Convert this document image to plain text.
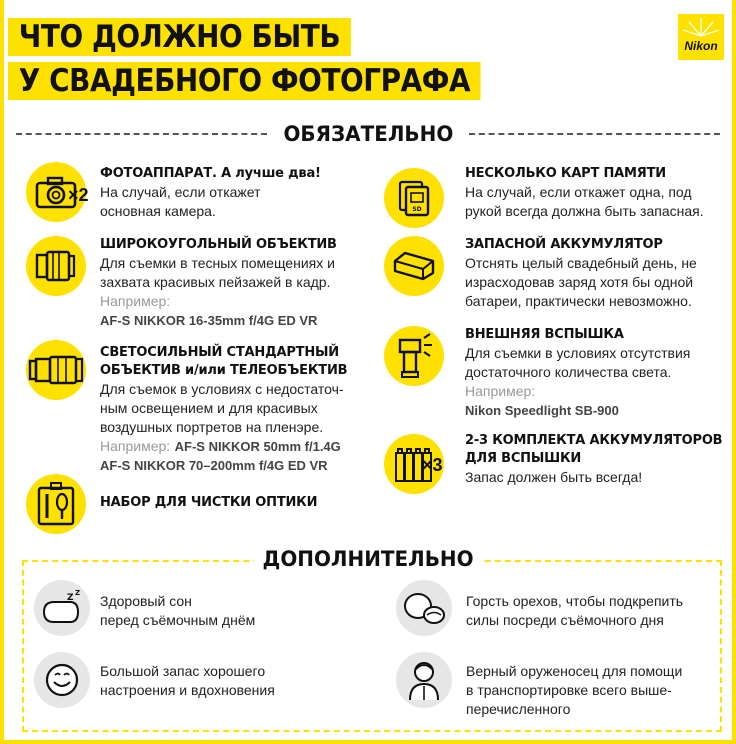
ЧТО ДОЛЖНО БЫТЬ
У СВАДЕБНОГО ФОТОГРАФА
Nikon
ОБЯЗАТЕЛЬНО
×2
ФОТОАППАРАТ. А лучше два!
На случай, если откажет
основная камера.
ШИРОКОУГОЛЬНЫЙ ОБЪЕКТИВ
Для съемки в тесных помещениях и
захвата красивых пейзажей в кадр.
Например:
AF-S NIKKOR 16-35mm f/4G ED VR
СВЕТОСИЛЬНЫЙ СТАНДАРТНЫЙ
ОБЪЕКТИВ и/или ТЕЛЕОБЪЕКТИВ
Для съемок в условиях с недостаточ-
ным освещением и для красивых
воздушных портретов на пленэре.
Например: AF-S NIKKOR 50mm f/1.4G
AF-S NIKKOR 70–200mm f/4G ED VR
НАБОР ДЛЯ ЧИСТКИ ОПТИКИ
SD
НЕСКОЛЬКО КАРТ ПАМЯТИ
На случай, если откажет одна, под
рукой всегда должна быть запасная.
ЗАПАСНОЙ АККУМУЛЯТОР
Отснять целый свадебный день, не
израсходовав заряд хотя бы одной
батареи, практически невозможно.
ВНЕШНЯЯ ВСПЫШКА
Для съемки в условиях отсутствия
достаточного количества света.
Например:
Nikon Speedlight SB-900
×3
2-3 КОМПЛЕКТА АККУМУЛЯТОРОВ
ДЛЯ ВСПЫШКИ
Запас должен быть всегда!
ДОПОЛНИТЕЛЬНО
Z Z Здоровый сон
перед съёмочным днём
Большой запас хорошего
настроения и вдохновения
Горсть орехов, чтобы подкрепить
силы посреди съёмочного дня
Верный оруженосец для помощи
в транспортировке всего выше-
перечисленного
